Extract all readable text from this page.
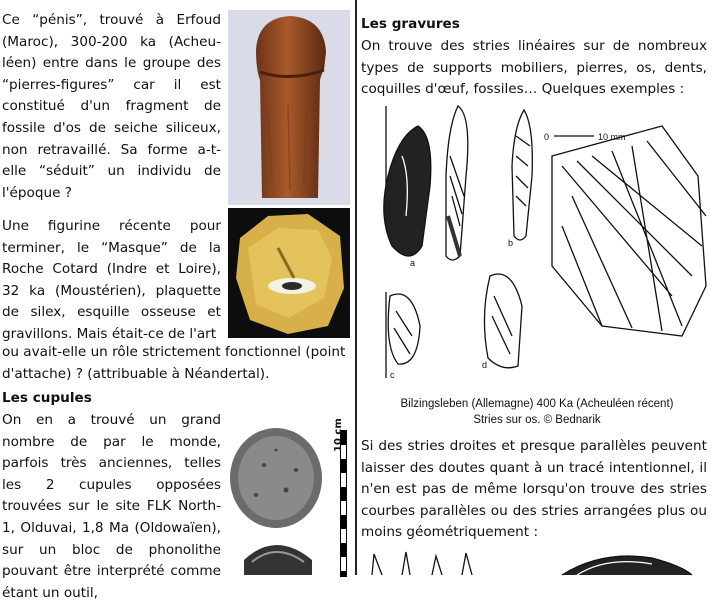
Ce “pénis”, trouvé à Erfoud (Maroc), 300-200 ka (Acheu-léen) entre dans le groupe des “pierres-figures” car il est constitué d'un fragment de fossile d'os de seiche siliceux, non retravaillé. Sa forme a-t-elle “séduit” un individu de l'époque ?

Une figurine récente pour terminer, le “Masque” de la Roche Cotard (Indre et Loire), 32 ka (Moustérien), plaquette de silex, esquille osseuse et gravillons. Mais était-ce de l'art

ou avait-elle un rôle strictement fonctionnel (point d'attache) ? (attribuable à Néandertal).

Les cupules

On en a trouvé un grand nombre de par le monde, parfois très anciennes, telles les 2 cupules opposées trouvées sur le site FLK North-1, Olduvai, 1,8 Ma (Oldowaïen), sur un bloc de phonolithe pouvant être interprété comme étant un outil,

10 cm
Les gravures

On trouve des stries linéaires sur de nombreux types de supports mobiliers, pierres, os, dents, coquilles d'œuf, fossiles… Quelques exemples :

0	10 mm
a
b
c
d
Bilzingsleben (Allemagne) 400 Ka (Acheuléen récent)
Stries sur os. © Bednarik

Si des stries droites et presque parallèles peuvent laisser des doutes quant à un tracé intentionnel, il n'en est pas de même lorsqu'on trouve des stries courbes parallèles ou des stries arrangées plus ou moins géométriquement :
